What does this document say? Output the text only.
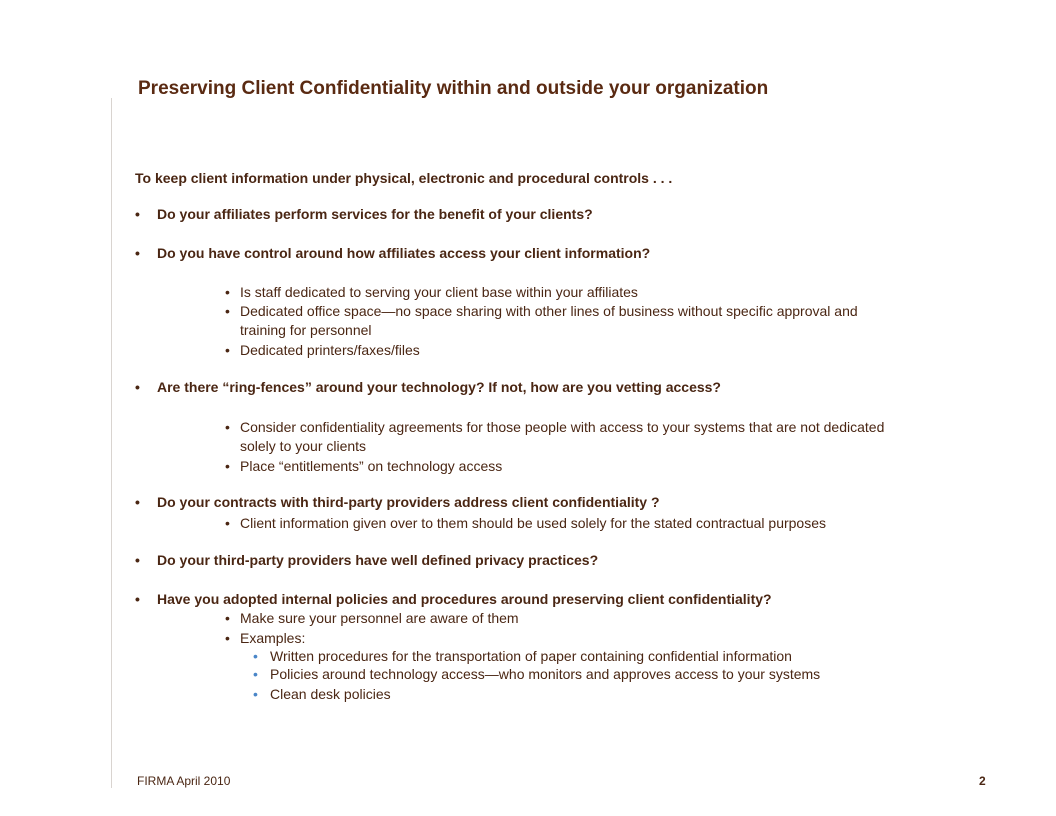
Preserving Client Confidentiality within and outside your organization
To keep client information under physical, electronic and procedural controls . . .
• Do your affiliates perform services for the benefit of your clients?
• Do you have control around how affiliates access your client information?
• Is staff dedicated to serving your client base within your affiliates
• Dedicated office space—no space sharing with other lines of business without specific approval and
training for personnel
• Dedicated printers/faxes/files
• Are there “ring-fences” around your technology? If not, how are you vetting access?
• Consider confidentiality agreements for those people with access to your systems that are not dedicated
solely to your clients
• Place “entitlements” on technology access
• Do your contracts with third-party providers address client confidentiality ?
• Client information given over to them should be used solely for the stated contractual purposes
• Do your third-party providers have well defined privacy practices?
• Have you adopted internal policies and procedures around preserving client confidentiality?
• Make sure your personnel are aware of them
• Examples:
• Written procedures for the transportation of paper containing confidential information
• Policies around technology access—who monitors and approves access to your systems
• Clean desk policies
FIRMA April 2010	2
